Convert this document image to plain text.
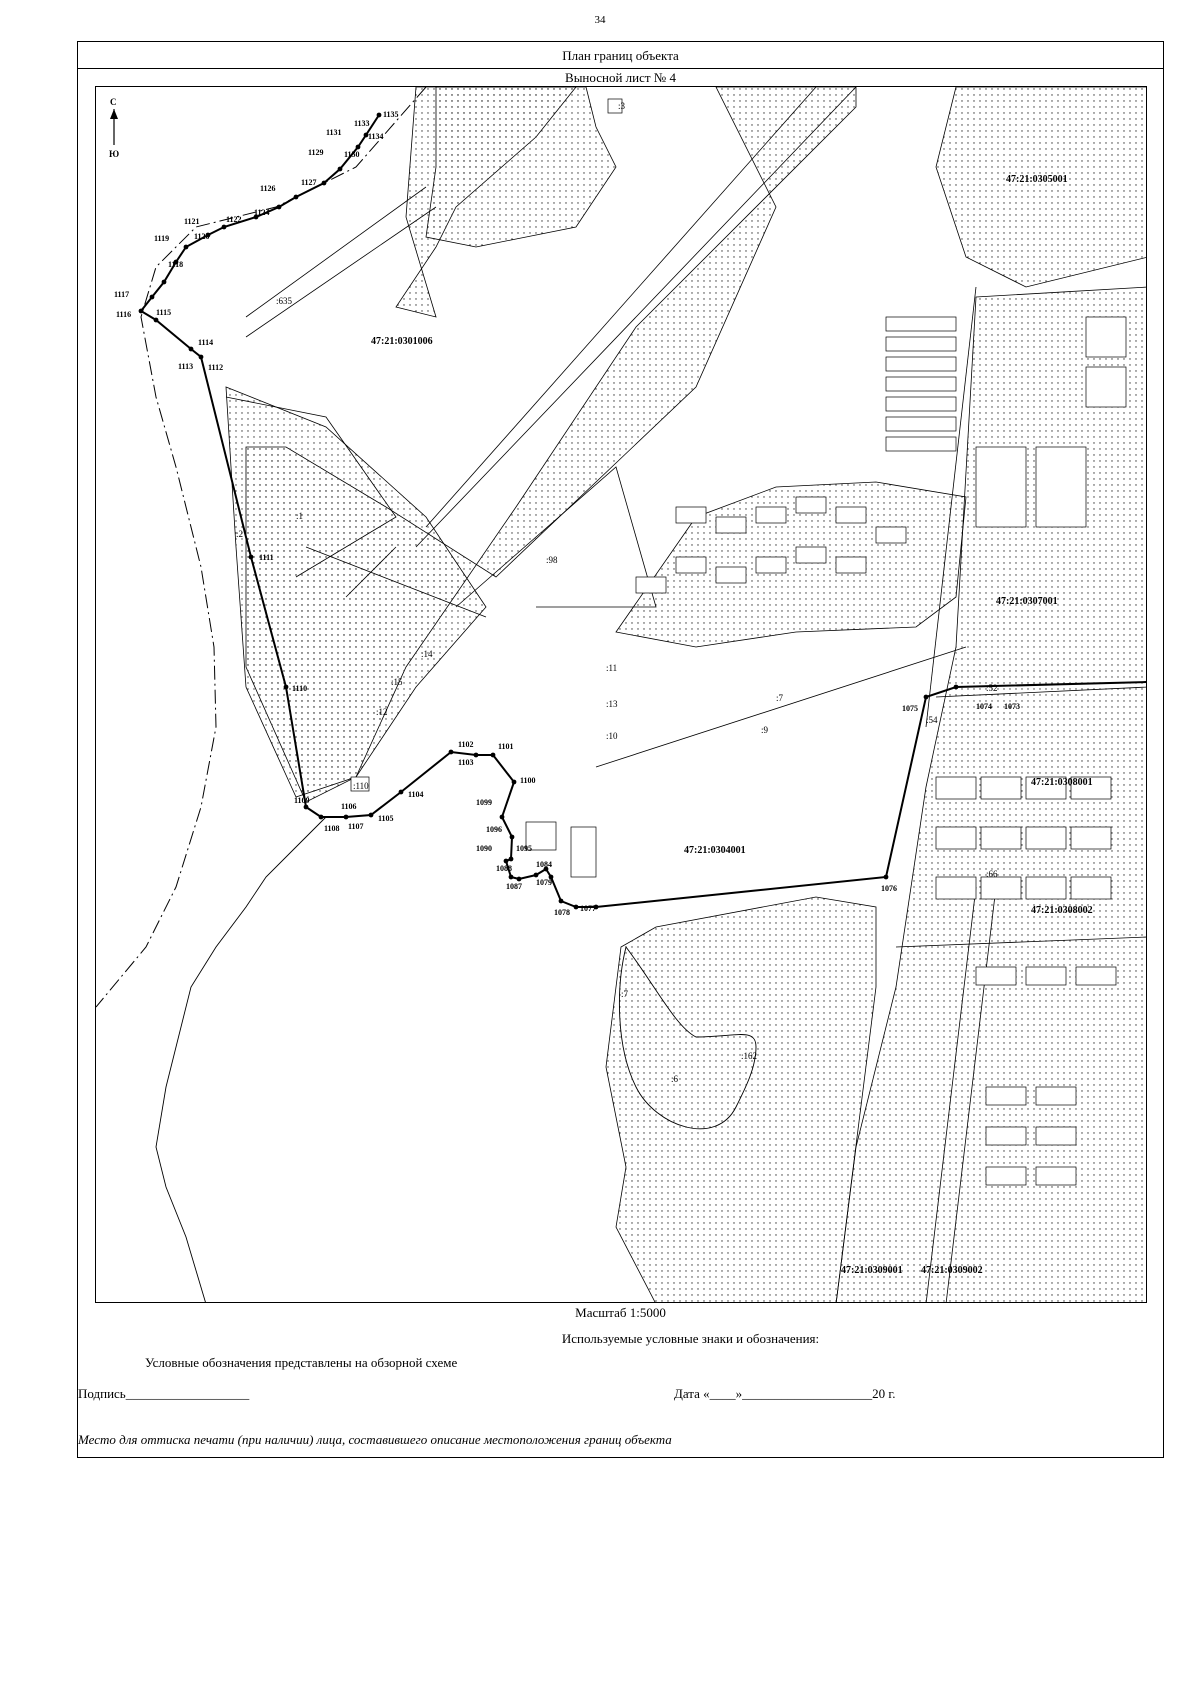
34
План границ объекта
Выносной лист № 4
С
Ю
47:21:0301006
47:21:0305001
47:21:0307001
47:21:0304001
47:21:0308001
47:21:0308002
47:21:0309001 47:21:0309002
:3
:1
:2
:98
:14
:15
:12
:11
:13
:10
:7
:9
:110
:6
:162
:635
:52
:54
:66
:7
1135
1134
1133
1131
1130
1129
1127
1126
1124
1122
1121
1120
1119
1118
1117
1116	1115
1114
1113 1112
1111
1110
1109
1108 1107
1106
1105
1104
1103
1102	1101
1100
1099
1096
1095
1090
1088
1087
1084
1079
1078 1077
1076
1075	1074 1073
Масштаб 1:5000
Используемые условные знаки и обозначения:
Условные обозначения представлены на обзорной схеме
Подпись___________________	Дата «____»____________________20 г.
Место для оттиска печати (при наличии) лица, составившего описание местоположения границ объекта
